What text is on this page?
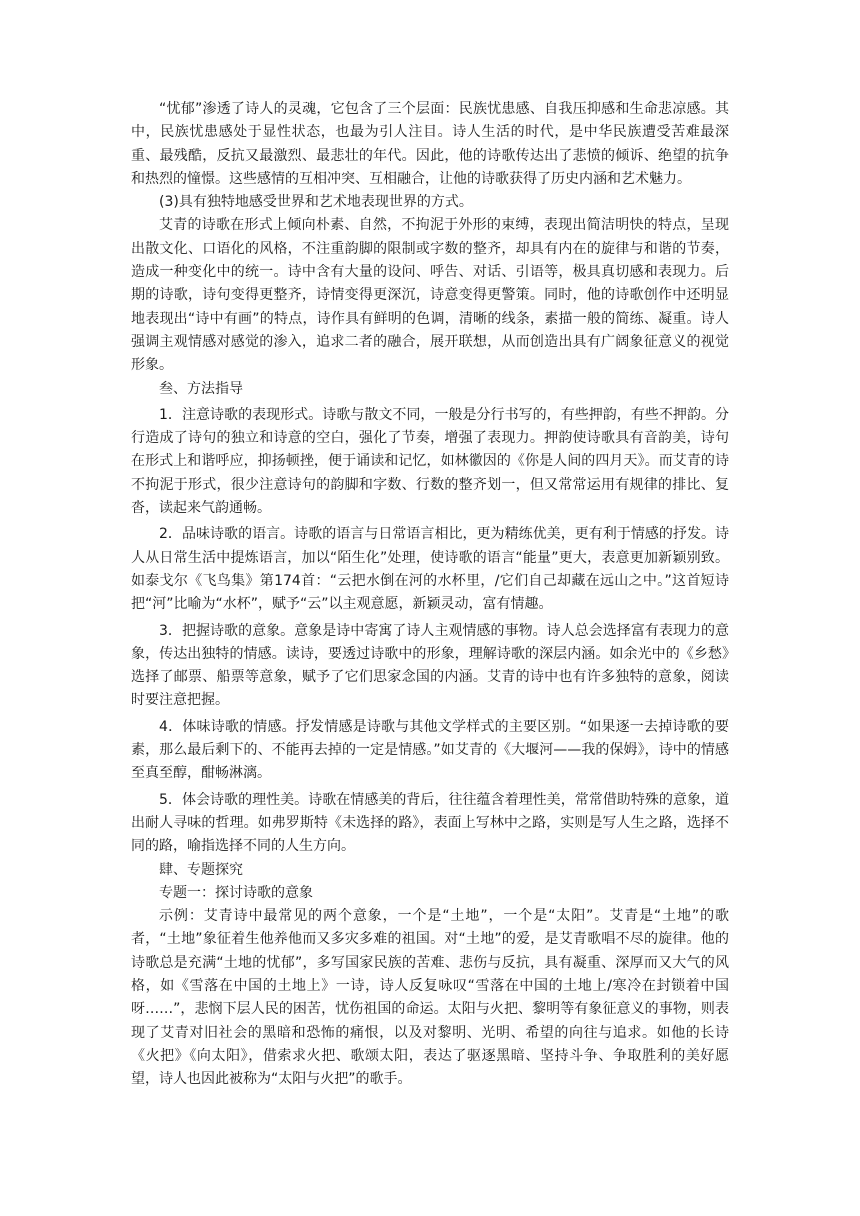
“忧郁”渗透了诗人的灵魂，它包含了三个层面：民族忧患感、自我压抑感和生命悲凉感。其中，民族忧患感处于显性状态，也最为引人注目。诗人生活的时代，是中华民族遭受苦难最深重、最残酷，反抗又最激烈、最悲壮的年代。因此，他的诗歌传达出了悲愤的倾诉、绝望的抗争和热烈的憧憬。这些感情的互相冲突、互相融合，让他的诗歌获得了历史内涵和艺术魅力。

(3)具有独特地感受世界和艺术地表现世界的方式。

艾青的诗歌在形式上倾向朴素、自然，不拘泥于外形的束缚，表现出简洁明快的特点，呈现出散文化、口语化的风格，不注重韵脚的限制或字数的整齐，却具有内在的旋律与和谐的节奏，造成一种变化中的统一。诗中含有大量的设问、呼告、对话、引语等，极具真切感和表现力。后期的诗歌，诗句变得更整齐，诗情变得更深沉，诗意变得更警策。同时，他的诗歌创作中还明显地表现出“诗中有画”的特点，诗作具有鲜明的色调，清晰的线条，素描一般的简练、凝重。诗人强调主观情感对感觉的渗入，追求二者的融合，展开联想，从而创造出具有广阔象征意义的视觉形象。

叁、方法指导

1．注意诗歌的表现形式。诗歌与散文不同，一般是分行书写的，有些押韵，有些不押韵。分行造成了诗句的独立和诗意的空白，强化了节奏，增强了表现力。押韵使诗歌具有音韵美，诗句在形式上和谐呼应，抑扬顿挫，便于诵读和记忆，如林徽因的《你是人间的四月天》。而艾青的诗不拘泥于形式，很少注意诗句的韵脚和字数、行数的整齐划一，但又常常运用有规律的排比、复沓，读起来气韵通畅。

2．品味诗歌的语言。诗歌的语言与日常语言相比，更为精练优美，更有利于情感的抒发。诗人从日常生活中提炼语言，加以“陌生化”处理，使诗歌的语言“能量”更大，表意更加新颖别致。如泰戈尔《飞鸟集》第174首：“云把水倒在河的水杯里，/它们自己却藏在远山之中。”这首短诗把“河”比喻为“水杯”，赋予“云”以主观意愿，新颖灵动，富有情趣。

3．把握诗歌的意象。意象是诗中寄寓了诗人主观情感的事物。诗人总会选择富有表现力的意象，传达出独特的情感。读诗，要透过诗歌中的形象，理解诗歌的深层内涵。如余光中的《乡愁》选择了邮票、船票等意象，赋予了它们思家念国的内涵。艾青的诗中也有许多独特的意象，阅读时要注意把握。

4．体味诗歌的情感。抒发情感是诗歌与其他文学样式的主要区别。“如果逐一去掉诗歌的要素，那么最后剩下的、不能再去掉的一定是情感。”如艾青的《大堰河——我的保姆》，诗中的情感至真至醇，酣畅淋漓。

5．体会诗歌的理性美。诗歌在情感美的背后，往往蕴含着理性美，常常借助特殊的意象，道出耐人寻味的哲理。如弗罗斯特《未选择的路》，表面上写林中之路，实则是写人生之路，选择不同的路，喻指选择不同的人生方向。

肆、专题探究

专题一：探讨诗歌的意象

示例：艾青诗中最常见的两个意象，一个是“土地”，一个是“太阳”。艾青是“土地”的歌者，“土地”象征着生他养他而又多灾多难的祖国。对“土地”的爱，是艾青歌唱不尽的旋律。他的诗歌总是充满“土地的忧郁”，多写国家民族的苦难、悲伤与反抗，具有凝重、深厚而又大气的风格，如《雪落在中国的土地上》一诗，诗人反复咏叹“雪落在中国的土地上/寒冷在封锁着中国呀……”，悲悯下层人民的困苦，忧伤祖国的命运。太阳与火把、黎明等有象征意义的事物，则表现了艾青对旧社会的黑暗和恐怖的痛恨，以及对黎明、光明、希望的向往与追求。如他的长诗《火把》《向太阳》，借索求火把、歌颂太阳，表达了驱逐黑暗、坚持斗争、争取胜利的美好愿望，诗人也因此被称为“太阳与火把”的歌手。
